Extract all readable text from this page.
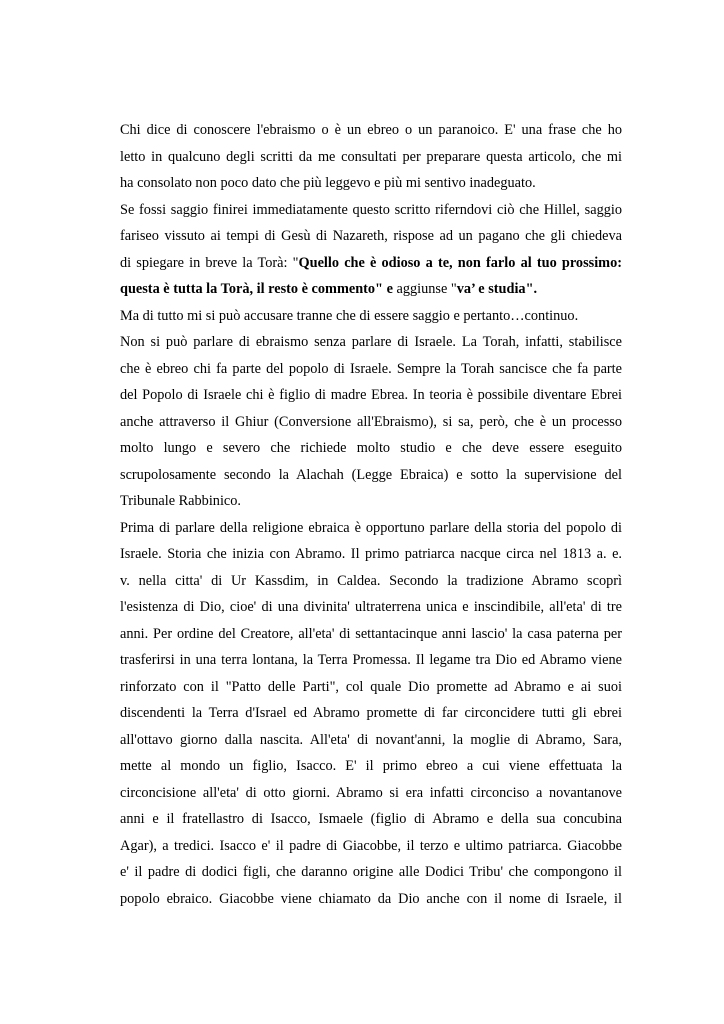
Chi dice di conoscere l'ebraismo o è un ebreo o un paranoico. E' una frase che ho
letto in qualcuno degli scritti da me consultati per preparare questa articolo, che mi
ha consolato non poco dato che più leggevo e più mi sentivo inadeguato.
Se fossi saggio finirei immediatamente questo scritto riferndovi ciò che Hillel, saggio
fariseo vissuto ai tempi di Gesù di Nazareth, rispose ad un pagano che gli chiedeva
di spiegare in breve la Torà: "Quello che è odioso a te, non farlo al tuo prossimo:
questa è tutta la Torà, il resto è commento" e aggiunse "va’ e studia".
Ma di tutto mi si può accusare tranne che di essere saggio e pertanto…continuo.
Non si può parlare di ebraismo senza parlare di Israele. La Torah, infatti, stabilisce
che è ebreo chi fa parte del popolo di Israele. Sempre la Torah sancisce che fa parte
del Popolo di Israele chi è figlio di madre Ebrea. In teoria è possibile diventare Ebrei
anche attraverso il Ghiur (Conversione all'Ebraismo), si sa, però, che è un processo
molto lungo e severo che richiede molto studio e che deve essere eseguito
scrupolosamente secondo la Alachah (Legge Ebraica) e sotto la supervisione del
Tribunale Rabbinico.
Prima di parlare della religione ebraica è opportuno parlare della storia del popolo di
Israele. Storia che inizia con Abramo. Il primo patriarca nacque circa nel 1813 a. e.
v. nella citta' di Ur Kassdim, in Caldea. Secondo la tradizione Abramo scoprì
l'esistenza di Dio, cioe' di una divinita' ultraterrena unica e inscindibile, all'eta' di tre
anni. Per ordine del Creatore, all'eta' di settantacinque anni lascio' la casa paterna per
trasferirsi in una terra lontana, la Terra Promessa. Il legame tra Dio ed Abramo viene
rinforzato con il "Patto delle Parti", col quale Dio promette ad Abramo e ai suoi
discendenti la Terra d'Israel ed Abramo promette di far circoncidere tutti gli ebrei
all'ottavo giorno dalla nascita. All'eta' di novant'anni, la moglie di Abramo, Sara,
mette al mondo un figlio, Isacco. E' il primo ebreo a cui viene effettuata la
circoncisione all'eta' di otto giorni. Abramo si era infatti circonciso a novantanove
anni e il fratellastro di Isacco, Ismaele (figlio di Abramo e della sua concubina
Agar), a tredici. Isacco e' il padre di Giacobbe, il terzo e ultimo patriarca. Giacobbe
e' il padre di dodici figli, che daranno origine alle Dodici Tribu' che compongono il
popolo ebraico. Giacobbe viene chiamato da Dio anche con il nome di Israele, il
